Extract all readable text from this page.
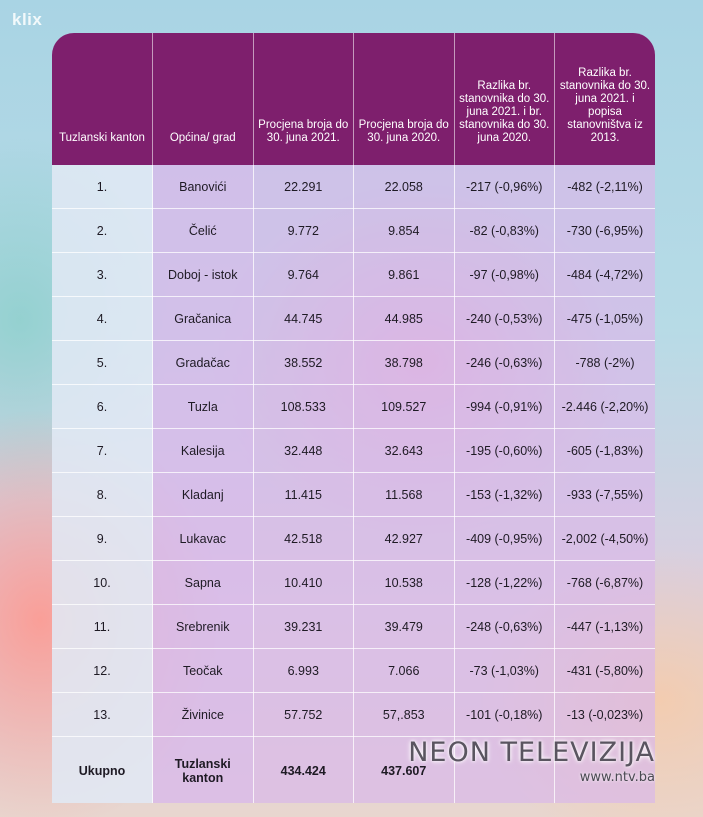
klix
Tuzlanski kanton	Općina/ grad	Procjena broja do 30. juna 2021.	Procjena broja do 30. juna 2020.	Razlika br. stanovnika do 30. juna 2021. i br. stanovnika do 30. juna 2020.	Razlika br. stanovnika do 30. juna 2021. i popisa stanovništva iz 2013.
1.	Banovići	22.291	22.058	-217 (-0,96%)	-482 (-2,11%)
2.	Čelić	9.772	9.854	-82 (-0,83%)	-730 (-6,95%)
3.	Doboj - istok	9.764	9.861	-97 (-0,98%)	-484 (-4,72%)
4.	Gračanica	44.745	44.985	-240 (-0,53%)	-475 (-1,05%)
5.	Gradačac	38.552	38.798	-246 (-0,63%)	-788 (-2%)
6.	Tuzla	108.533	109.527	-994 (-0,91%)	-2.446 (-2,20%)
7.	Kalesija	32.448	32.643	-195 (-0,60%)	-605 (-1,83%)
8.	Kladanj	11.415	11.568	-153 (-1,32%)	-933 (-7,55%)
9.	Lukavac	42.518	42.927	-409 (-0,95%)	-2,002 (-4,50%)
10.	Sapna	10.410	10.538	-128 (-1,22%)	-768 (-6,87%)
11.	Srebrenik	39.231	39.479	-248 (-0,63%)	-447 (-1,13%)
12.	Teočak	6.993	7.066	-73 (-1,03%)	-431 (-5,80%)
13.	Živinice	57.752	57,.853	-101 (-0,18%)	-13 (-0,023%)
Ukupno	Tuzlanski kanton	434.424	437.607		
NEON TELEVIZIJA
www.ntv.ba
